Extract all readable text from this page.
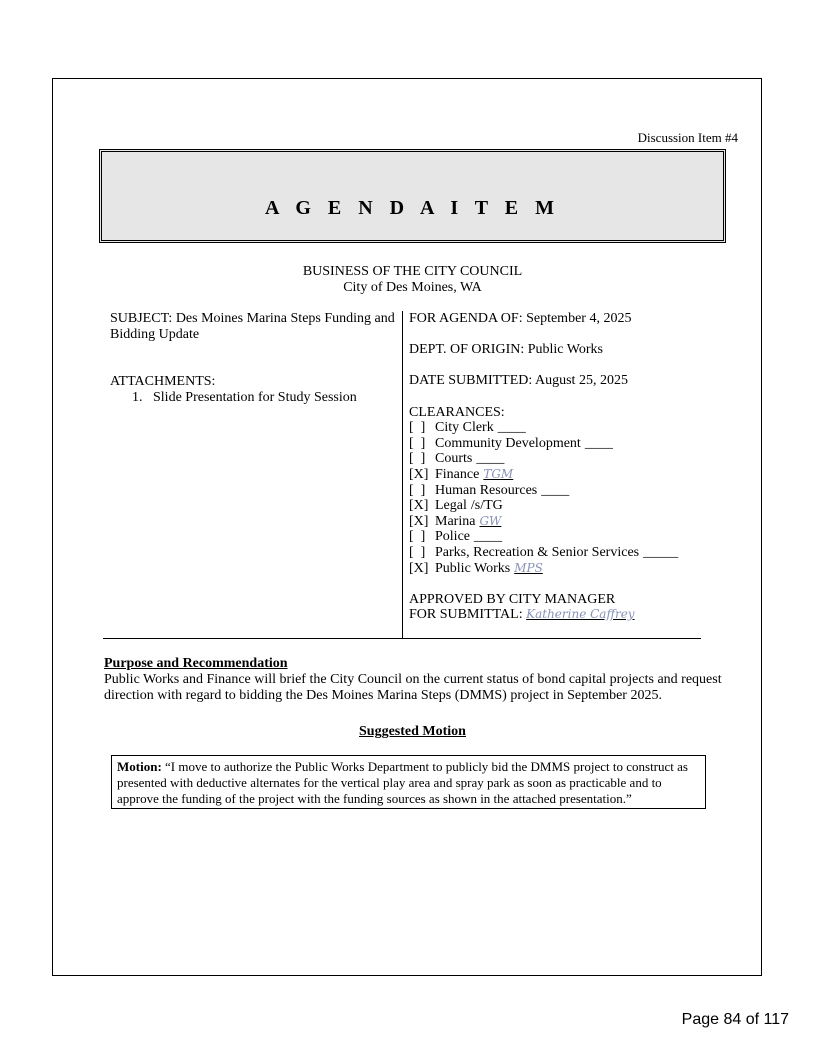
Discussion Item #4
A G E N D A I T E M
BUSINESS OF THE CITY COUNCIL
City of Des Moines, WA
SUBJECT: Des Moines Marina Steps Funding and Bidding Update
ATTACHMENTS:
1.   Slide Presentation for Study Session
FOR AGENDA OF: September 4, 2025
DEPT. OF ORIGIN: Public Works
DATE SUBMITTED: August 25, 2025
CLEARANCES:
[  ] City Clerk ____
[  ] Community Development ____
[  ] Courts ____
[X] Finance TGM
[  ] Human Resources ____
[X] Legal /s/TG
[X] Marina GW
[  ] Police ____
[  ] Parks, Recreation & Senior Services _____
[X] Public Works MPS
APPROVED BY CITY MANAGER
FOR SUBMITTAL: Katherine Caffrey
Purpose and Recommendation
Public Works and Finance will brief the City Council on the current status of bond capital projects and request direction with regard to bidding the Des Moines Marina Steps (DMMS) project in September 2025.
Suggested Motion
Motion: “I move to authorize the Public Works Department to publicly bid the DMMS project to construct as presented with deductive alternates for the vertical play area and spray park as soon as practicable and to approve the funding of the project with the funding sources as shown in the attached presentation.”
Page 84 of 117
